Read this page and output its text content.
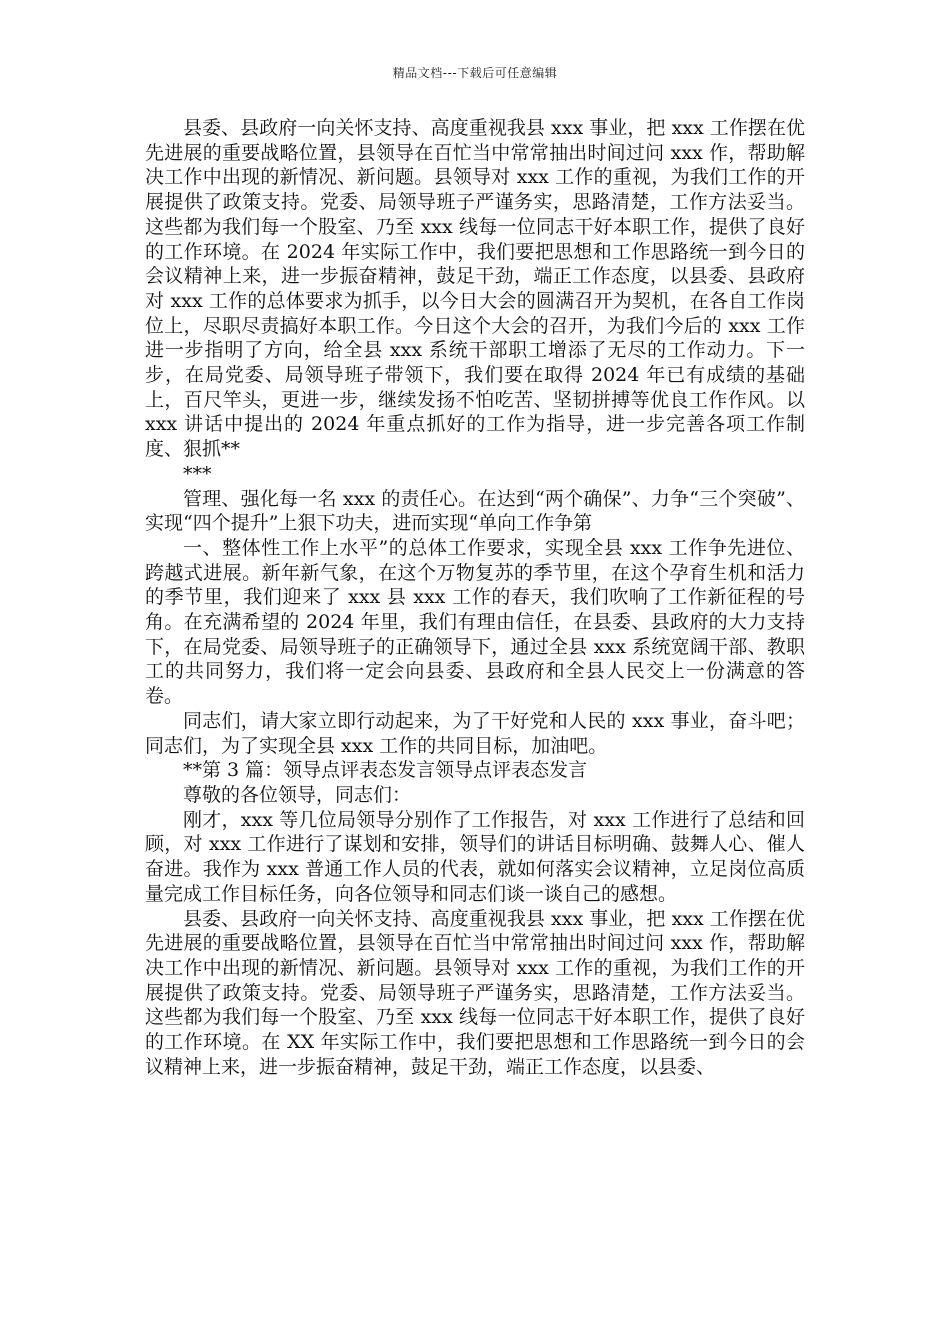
精品文档---下载后可任意编辑

县委、县政府一向关怀支持、高度重视我县 xxx 事业，把 xxx 工作摆在优先进展的重要战略位置，县领导在百忙当中常常抽出时间过问 xxx 作，帮助解决工作中出现的新情况、新问题。县领导对 xxx 工作的重视，为我们工作的开展提供了政策支持。党委、局领导班子严谨务实，思路清楚，工作方法妥当。这些都为我们每一个股室、乃至 xxx 线每一位同志干好本职工作，提供了良好的工作环境。在 2024 年实际工作中，我们要把思想和工作思路统一到今日的会议精神上来，进一步振奋精神，鼓足干劲，端正工作态度，以县委、县政府对 xxx 工作的总体要求为抓手，以今日大会的圆满召开为契机，在各自工作岗位上，尽职尽责搞好本职工作。今日这个大会的召开，为我们今后的 xxx 工作进一步指明了方向，给全县 xxx 系统干部职工增添了无尽的工作动力。下一步，在局党委、局领导班子带领下，我们要在取得 2024 年已有成绩的基础上，百尺竿头，更进一步，继续发扬不怕吃苦、坚韧拼搏等优良工作作风。以 xxx 讲话中提出的 2024 年重点抓好的工作为指导，进一步完善各项工作制度、狠抓**

***

管理、强化每一名 xxx 的责任心。在达到“两个确保”、力争“三个突破”、实现“四个提升”上狠下功夫，进而实现“单向工作争第

一、整体性工作上水平”的总体工作要求，实现全县 xxx 工作争先进位、跨越式进展。新年新气象，在这个万物复苏的季节里，在这个孕育生机和活力的季节里，我们迎来了 xxx 县 xxx 工作的春天，我们吹响了工作新征程的号角。在充满希望的 2024 年里，我们有理由信任，在县委、县政府的大力支持下，在局党委、局领导班子的正确领导下，通过全县 xxx 系统宽阔干部、教职工的共同努力，我们将一定会向县委、县政府和全县人民交上一份满意的答卷。

同志们，请大家立即行动起来，为了干好党和人民的 xxx 事业，奋斗吧；同志们，为了实现全县 xxx 工作的共同目标，加油吧。

**第 3 篇：领导点评表态发言领导点评表态发言

尊敬的各位领导，同志们：

刚才，xxx 等几位局领导分别作了工作报告，对 xxx 工作进行了总结和回顾，对 xxx 工作进行了谋划和安排，领导们的讲话目标明确、鼓舞人心、催人奋进。我作为 xxx 普通工作人员的代表，就如何落实会议精神，立足岗位高质量完成工作目标任务，向各位领导和同志们谈一谈自己的感想。

县委、县政府一向关怀支持、高度重视我县 xxx 事业，把 xxx 工作摆在优先进展的重要战略位置，县领导在百忙当中常常抽出时间过问 xxx 作，帮助解决工作中出现的新情况、新问题。县领导对 xxx 工作的重视，为我们工作的开展提供了政策支持。党委、局领导班子严谨务实，思路清楚，工作方法妥当。这些都为我们每一个股室、乃至 xxx 线每一位同志干好本职工作，提供了良好的工作环境。在 XX 年实际工作中，我们要把思想和工作思路统一到今日的会议精神上来，进一步振奋精神，鼓足干劲，端正工作态度，以县委、
